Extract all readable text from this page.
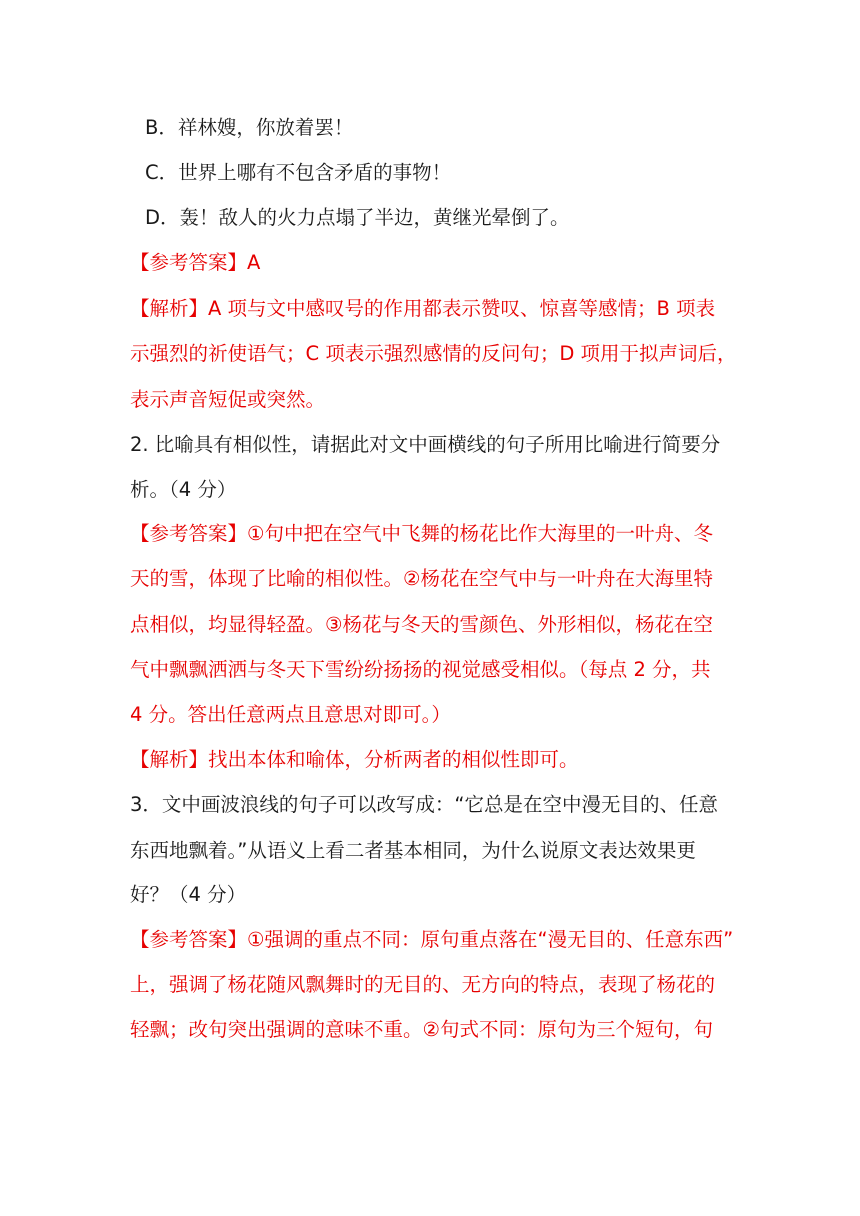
B．祥林嫂，你放着罢！
C．世界上哪有不包含矛盾的事物！
D．轰！敌人的火力点塌了半边，黄继光晕倒了。
【参考答案】A
【解析】A 项与文中感叹号的作用都表示赞叹、惊喜等感情；B 项表
示强烈的祈使语气；C 项表示强烈感情的反问句；D 项用于拟声词后，
表示声音短促或突然。
2. 比喻具有相似性，请据此对文中画横线的句子所用比喻进行简要分
析。（4 分）
【参考答案】①句中把在空气中飞舞的杨花比作大海里的一叶舟、冬
天的雪，体现了比喻的相似性。②杨花在空气中与一叶舟在大海里特
点相似，均显得轻盈。③杨花与冬天的雪颜色、外形相似，杨花在空
气中飘飘洒洒与冬天下雪纷纷扬扬的视觉感受相似。（每点 2 分，共
4 分。答出任意两点且意思对即可。）
【解析】找出本体和喻体，分析两者的相似性即可。
3．文中画波浪线的句子可以改写成：“它总是在空中漫无目的、任意
东西地飘着。”从语义上看二者基本相同，为什么说原文表达效果更
好？（4 分）
【参考答案】①强调的重点不同：原句重点落在“漫无目的、任意东西”
上，强调了杨花随风飘舞时的无目的、无方向的特点，表现了杨花的
轻飘；改句突出强调的意味不重。②句式不同：原句为三个短句，句
